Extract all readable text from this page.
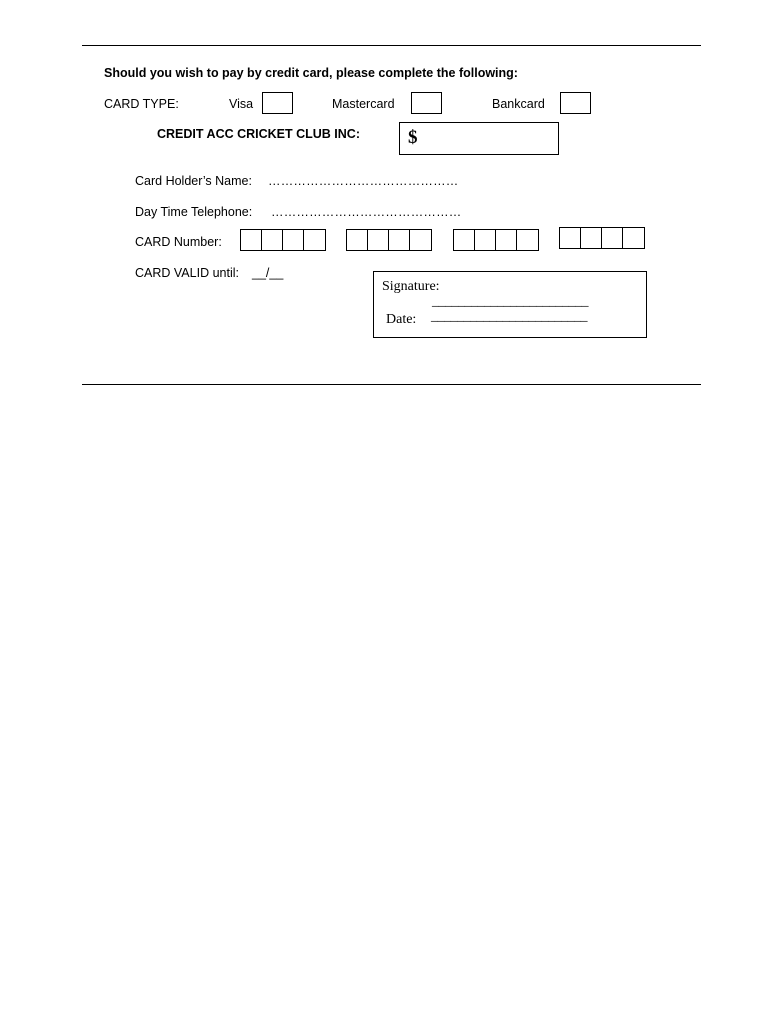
Should you wish to pay by credit card, please complete the following:
CARD TYPE:	Visa	Mastercard	Bankcard
CREDIT ACC CRICKET CLUB INC:	$
Card Holder’s Name: ………………………………………
Day Time Telephone: ………………………………………
CARD Number:
CARD VALID until: __/__
Signature:
________________________
Date: ________________________
